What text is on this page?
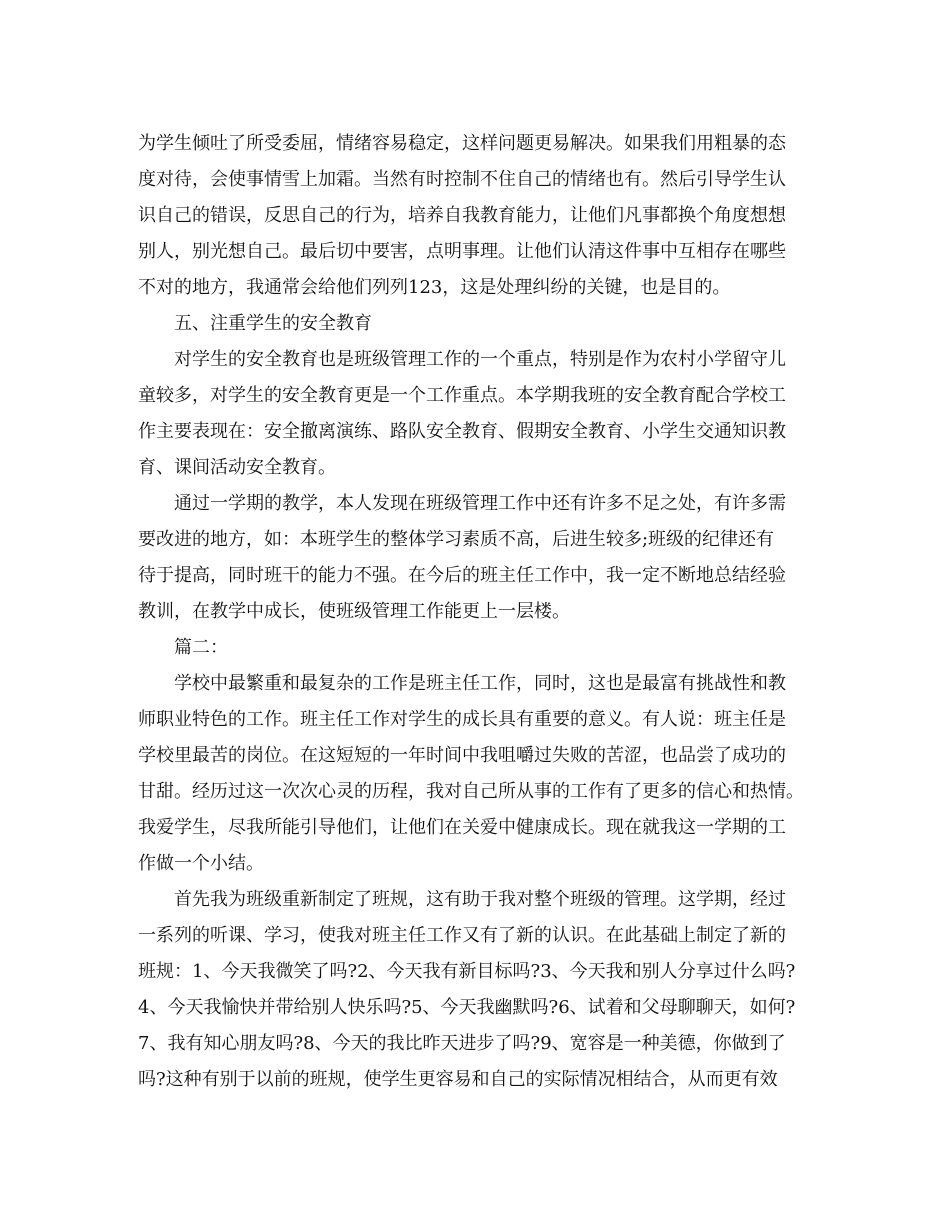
为学生倾吐了所受委屈，情绪容易稳定，这样问题更易解决。如果我们用粗暴的态
度对待，会使事情雪上加霜。当然有时控制不住自己的情绪也有。然后引导学生认
识自己的错误，反思自己的行为，培养自我教育能力，让他们凡事都换个角度想想
别人，别光想自己。最后切中要害，点明事理。让他们认清这件事中互相存在哪些
不对的地方，我通常会给他们列列123，这是处理纠纷的关键，也是目的。
五、注重学生的安全教育
对学生的安全教育也是班级管理工作的一个重点，特别是作为农村小学留守儿
童较多，对学生的安全教育更是一个工作重点。本学期我班的安全教育配合学校工
作主要表现在：安全撤离演练、路队安全教育、假期安全教育、小学生交通知识教
育、课间活动安全教育。
通过一学期的教学，本人发现在班级管理工作中还有许多不足之处，有许多需
要改进的地方，如：本班学生的整体学习素质不高，后进生较多;班级的纪律还有
待于提高，同时班干的能力不强。在今后的班主任工作中，我一定不断地总结经验
教训，在教学中成长，使班级管理工作能更上一层楼。
篇二：
学校中最繁重和最复杂的工作是班主任工作，同时，这也是最富有挑战性和教
师职业特色的工作。班主任工作对学生的成长具有重要的意义。有人说：班主任是
学校里最苦的岗位。在这短短的一年时间中我咀嚼过失败的苦涩，也品尝了成功的
甘甜。经历过这一次次心灵的历程，我对自己所从事的工作有了更多的信心和热情。
我爱学生，尽我所能引导他们，让他们在关爱中健康成长。现在就我这一学期的工
作做一个小结。
首先我为班级重新制定了班规，这有助于我对整个班级的管理。这学期，经过
一系列的听课、学习，使我对班主任工作又有了新的认识。在此基础上制定了新的
班规：1、今天我微笑了吗?2、今天我有新目标吗?3、今天我和别人分享过什么吗?
4、今天我愉快并带给别人快乐吗?5、今天我幽默吗?6、试着和父母聊聊天，如何?
7、我有知心朋友吗?8、今天的我比昨天进步了吗?9、宽容是一种美德，你做到了
吗?这种有别于以前的班规，使学生更容易和自己的实际情况相结合，从而更有效
